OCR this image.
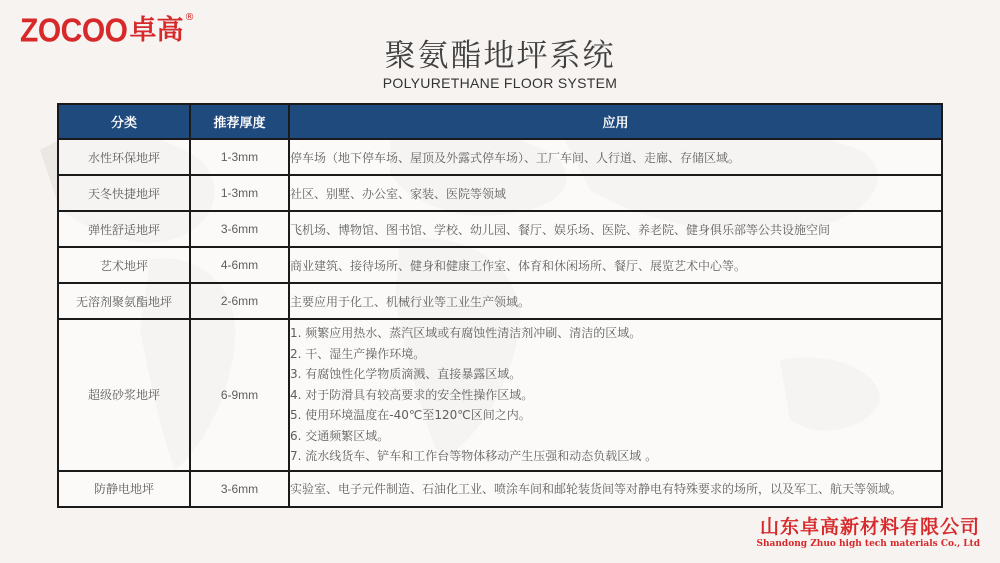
ZOCOO 卓高 ®
聚氨酯地坪系统
POLYURETHANE FLOOR SYSTEM
分类	推荐厚度	应用
水性环保地坪	1-3mm	停车场（地下停车场、屋顶及外露式停车场）、工厂车间、人行道、走廊、存储区域。
天冬快捷地坪	1-3mm	社区、别墅、办公室、家装、医院等领域
弹性舒适地坪	3-6mm	飞机场、博物馆、图书馆、学校、幼儿园、餐厅、娱乐场、医院、养老院、健身俱乐部等公共设施空间
艺术地坪	4-6mm	商业建筑、接待场所、健身和健康工作室、体育和休闲场所、餐厅、展览艺术中心等。
无溶剂聚氨酯地坪	2-6mm	主要应用于化工、机械行业等工业生产领域。
超级砂浆地坪	6-9mm	
1. 频繁应用热水、蒸汽区域或有腐蚀性清洁剂冲刷、清洁的区域。
2. 干、湿生产操作环境。
3. 有腐蚀性化学物质滴溅、直接暴露区域。
4. 对于防滑具有较高要求的安全性操作区域。
5. 使用环境温度在-40℃至120℃区间之内。
6. 交通频繁区域。
7. 流水线货车、铲车和工作台等物体移动产生压强和动态负载区域 。

防静电地坪	3-6mm	实验室、电子元件制造、石油化工业、喷涂车间和邮轮装货间等对静电有特殊要求的场所，以及军工、航天等领域。
山东卓高新材料有限公司
Shandong Zhuo high tech materials Co., Ltd
